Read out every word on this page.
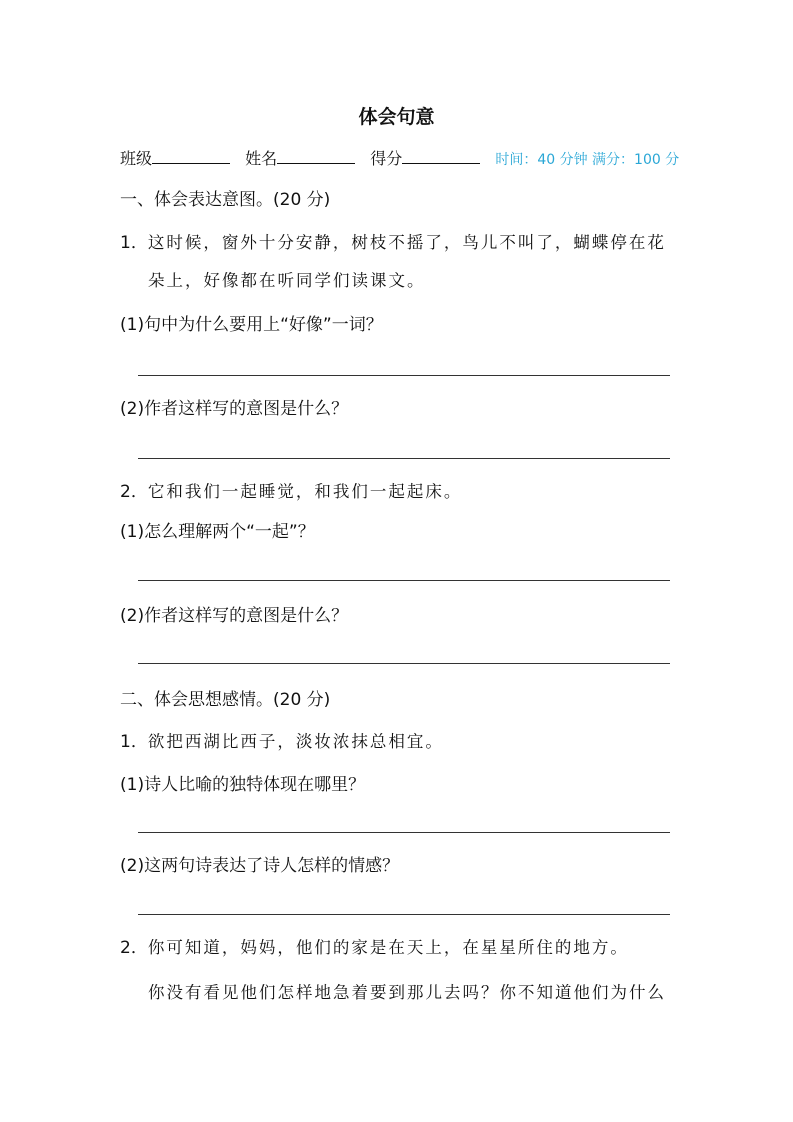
体会句意
班级	姓名	得分	时间：40 分钟 满分：100 分
一、体会表达意图。(20 分)
1．这时候，窗外十分安静，树枝不摇了，鸟儿不叫了，蝴蝶停在花
朵上，好像都在听同学们读课文。
(1)句中为什么要用上“好像”一词？
(2)作者这样写的意图是什么？
2．它和我们一起睡觉，和我们一起起床。
(1)怎么理解两个“一起”？
(2)作者这样写的意图是什么？
二、体会思想感情。(20 分)
1．欲把西湖比西子，淡妆浓抹总相宜。
(1)诗人比喻的独特体现在哪里？
(2)这两句诗表达了诗人怎样的情感？
2．你可知道，妈妈，他们的家是在天上，在星星所住的地方。
你没有看见他们怎样地急着要到那儿去吗？你不知道他们为什么
